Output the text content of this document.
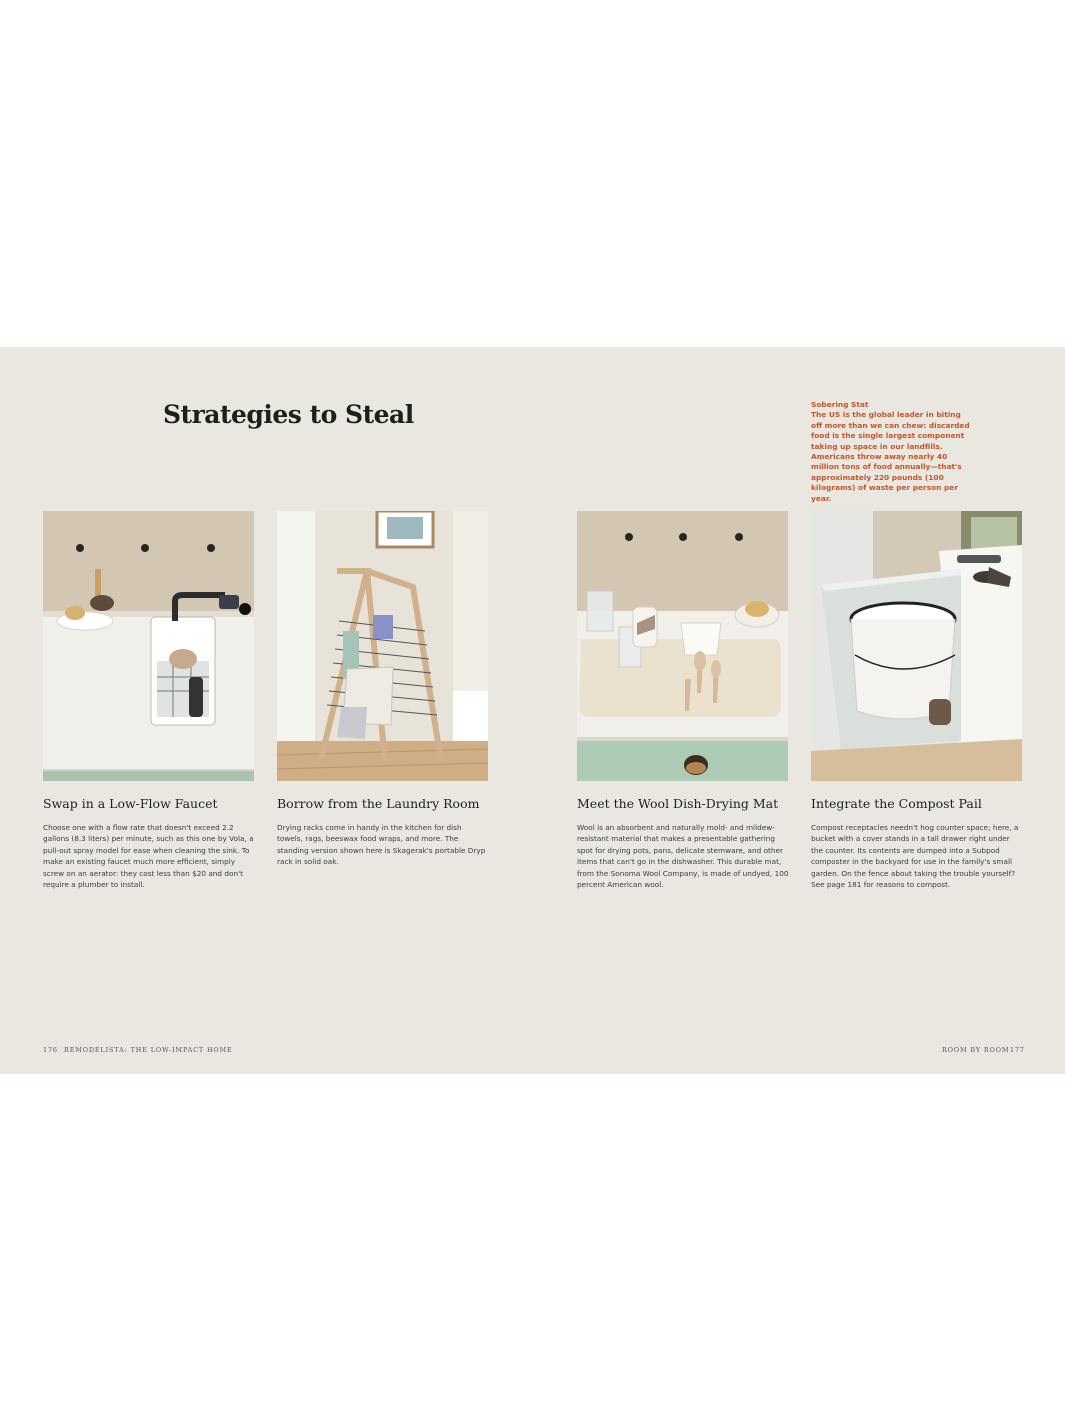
Strategies to Steal	Sobering Stat
The US is the global leader in biting off more than we can chew: discarded food is the single largest component taking up space in our landfills. Americans throw away nearly 40 million tons of food annually—that's approximately 220 pounds (100 kilograms) of waste per person per year.
Swap in a Low-Flow Faucet

Choose one with a flow rate that doesn't exceed 2.2 gallons (8.3 liters) per minute, such as this one by Vola, a pull-out spray model for ease when cleaning the sink. To make an existing faucet much more efficient, simply screw on an aerator: they cost less than $20 and don't require a plumber to install.

Borrow from the Laundry Room

Drying racks come in handy in the kitchen for dish towels, rags, beeswax food wraps, and more. The standing version shown here is Skagerak's portable Dryp rack in solid oak.

Meet the Wool Dish-Drying Mat

Wool is an absorbent and naturally mold- and mildew-resistant material that makes a presentable gathering spot for drying pots, pans, delicate stemware, and other items that can't go in the dishwasher. This durable mat, from the Sonoma Wool Company, is made of undyed, 100 percent American wool.

Integrate the Compost Pail

Compost receptacles needn't hog counter space; here, a bucket with a cover stands in a tall drawer right under the counter. Its contents are dumped into a Subpod composter in the backyard for use in the family's small garden. On the fence about taking the trouble yourself? See page 181 for reasons to compost.

176 REMODELISTA: THE LOW-IMPACT HOME	ROOM BY ROOM 177
